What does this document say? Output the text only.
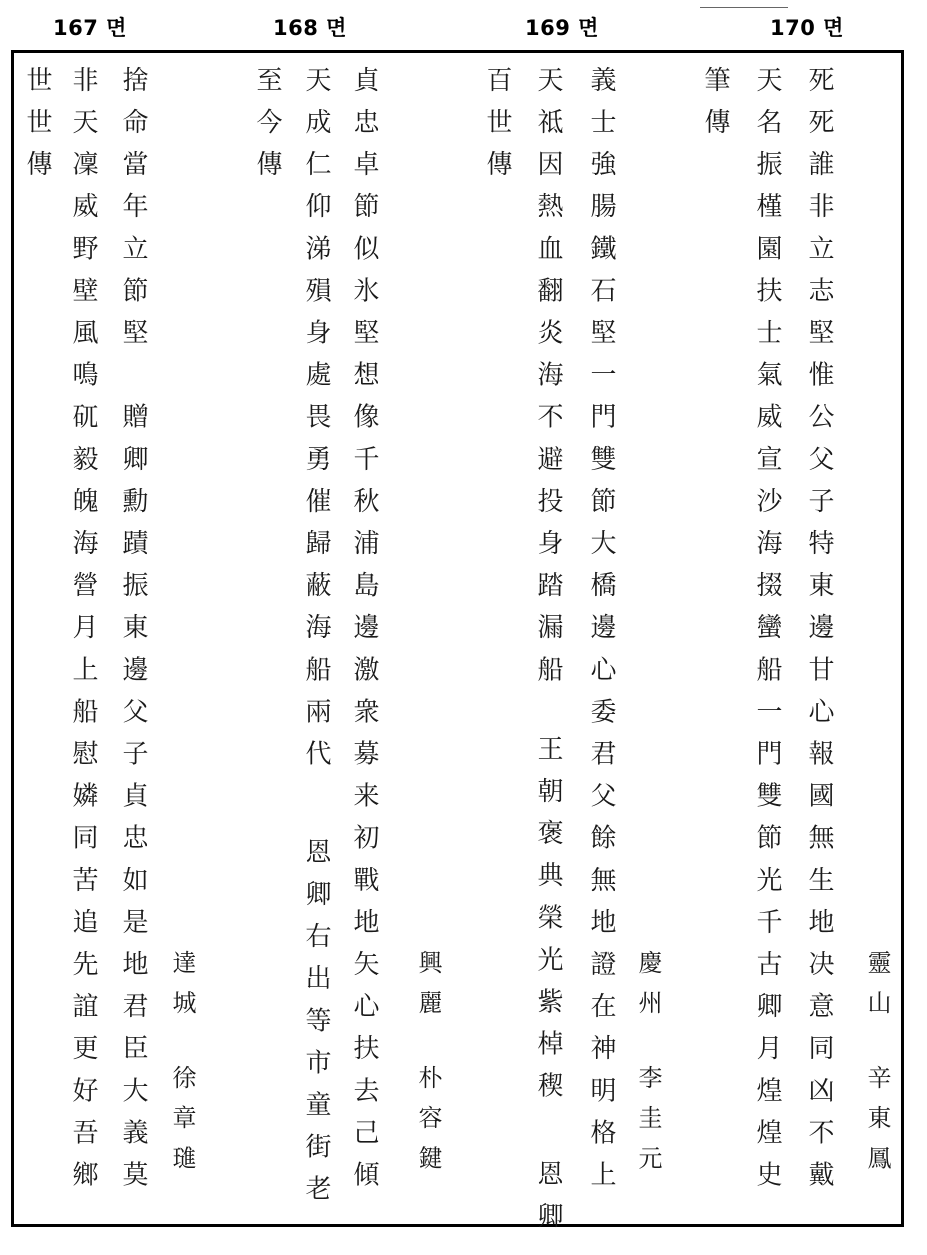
167 면	168 면	169 면	170 면
世世傳 非天凜威野壁風鳴矹毅魄海營月上船慰嫾同苦追先誼更好吾鄉 捨命當年立節堅　贈卿勳蹟振東邊父子貞忠如是地君臣大義莫 達城
徐章璡
至今傳 天成仁仰涕殞身處畏勇催歸蔽海船兩代 貞忠卓節似氷堅想像千秋浦島邊激衆募来初戰地矢心扶去己傾
恩卿右出等市童街老	興麗
朴容鍵
百世傳 天祗因熱血翻炎海不避投身踏漏船
王朝褒典榮光紫棹稧
恩卿 義士強腸鐵石堅一門雙節大橋邊心委君父餘無地證在神明格上 慶州
李圭元
筆傳 天名振槿園扶士氣威宣沙海掇蠻船一門雙節光千古卿月煌煌史 死死誰非立志堅惟公父子特東邊甘心報國無生地决意同凶不戴 靈山
辛東鳳
